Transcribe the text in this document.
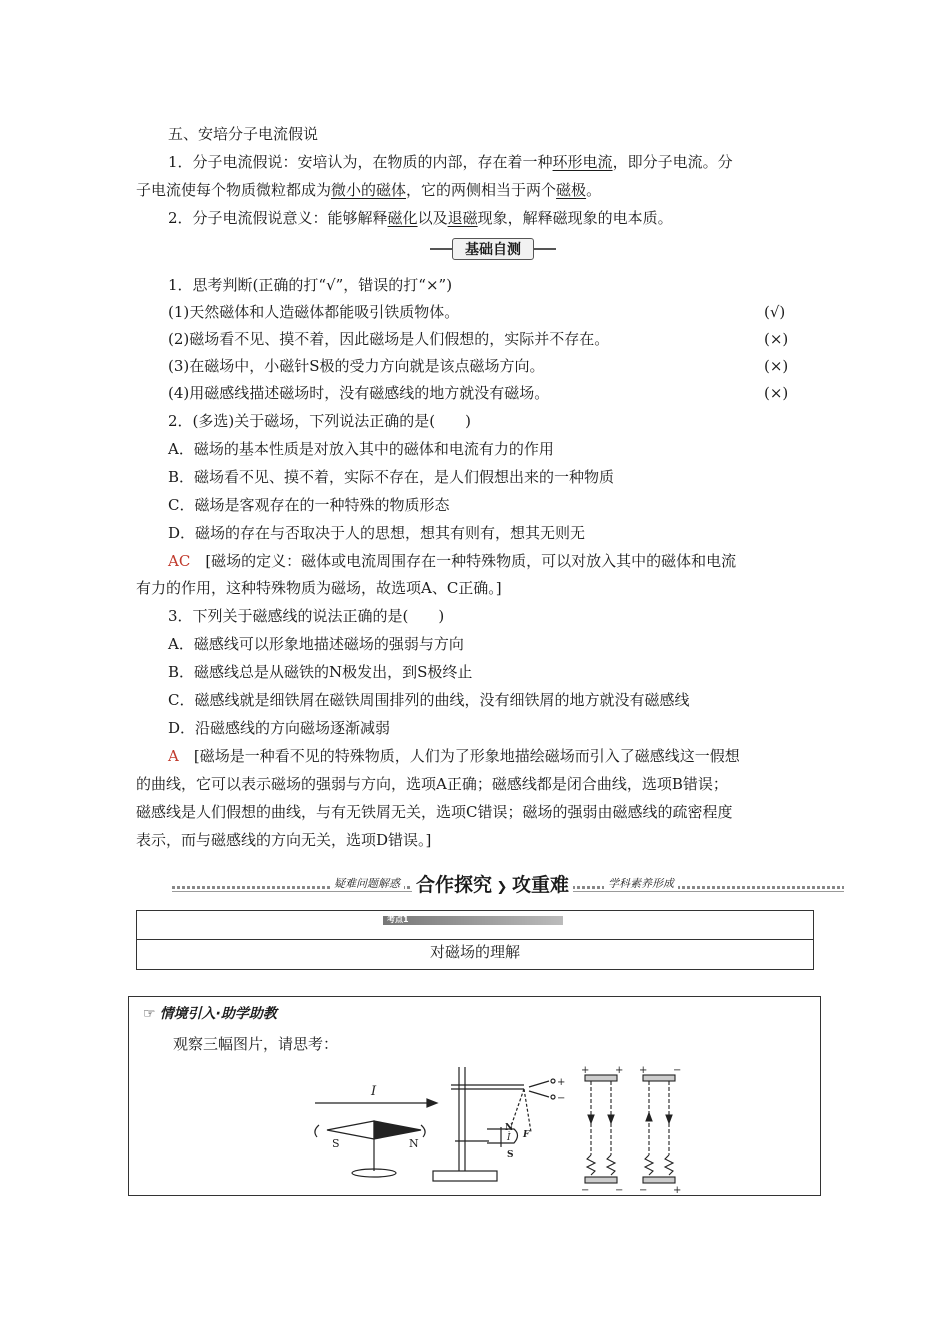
五、安培分子电流假说
1．分子电流假说：安培认为，在物质的内部，存在着一种环形电流，即分子电流。分
子电流使每个物质微粒都成为微小的磁体，它的两侧相当于两个磁极。
2．分子电流假说意义：能够解释磁化以及退磁现象，解释磁现象的电本质。
基础自测
1．思考判断(正确的打“√”，错误的打“×”)
(1)天然磁体和人造磁体都能吸引铁质物体。	(√)
(2)磁场看不见、摸不着，因此磁场是人们假想的，实际并不存在。	(×)
(3)在磁场中，小磁针S极的受力方向就是该点磁场方向。	(×)
(4)用磁感线描述磁场时，没有磁感线的地方就没有磁场。	(×)
2．(多选)关于磁场，下列说法正确的是(　　)
A．磁场的基本性质是对放入其中的磁体和电流有力的作用
B．磁场看不见、摸不着，实际不存在，是人们假想出来的一种物质
C．磁场是客观存在的一种特殊的物质形态
D．磁场的存在与否取决于人的思想，想其有则有，想其无则无
AC　[磁场的定义：磁体或电流周围存在一种特殊物质，可以对放入其中的磁体和电流
有力的作用，这种特殊物质为磁场，故选项A、C正确。]
3．下列关于磁感线的说法正确的是(　　)
A．磁感线可以形象地描述磁场的强弱与方向
B．磁感线总是从磁铁的N极发出，到S极终止
C．磁感线就是细铁屑在磁铁周围排列的曲线，没有细铁屑的地方就没有磁感线
D．沿磁感线的方向磁场逐渐减弱
A　[磁场是一种看不见的特殊物质，人们为了形象地描绘磁场而引入了磁感线这一假想
的曲线，它可以表示磁场的强弱与方向，选项A正确；磁感线都是闭合曲线，选项B错误；
磁感线是人们假想的曲线，与有无铁屑无关，选项C错误；磁场的强弱由磁感线的疏密程度
表示，而与磁感线的方向无关，选项D错误。]
疑难问题解惑 合作探究 ❯ 攻重难	学科素养形成
考点1
对磁场的理解
☞ 情境引入·助学助教
观察三幅图片，请思考：
I
S	N
+
−
N
I F
S
+	+
−	−
+	−
−	+
